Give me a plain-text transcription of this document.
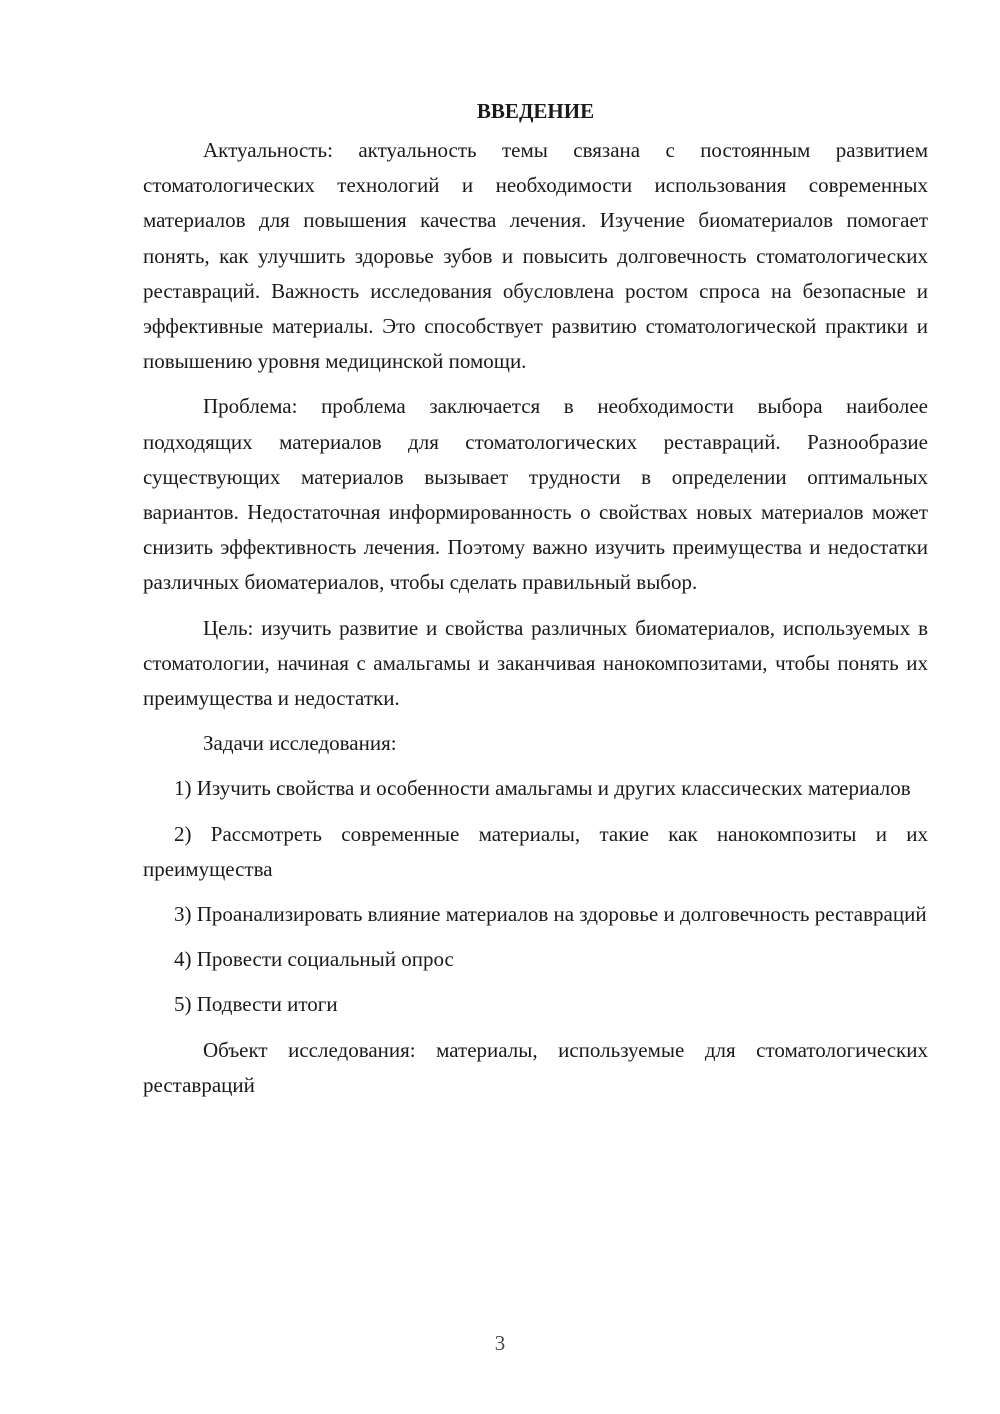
ВВЕДЕНИЕ

Актуальность: актуальность темы связана с постоянным развитием стоматологических технологий и необходимости использования современных материалов для повышения качества лечения. Изучение биоматериалов помогает понять, как улучшить здоровье зубов и повысить долговечность стоматологических реставраций. Важность исследования обусловлена ростом спроса на безопасные и эффективные материалы. Это способствует развитию стоматологической практики и повышению уровня медицинской помощи.

Проблема: проблема заключается в необходимости выбора наиболее подходящих материалов для стоматологических реставраций. Разнообразие существующих материалов вызывает трудности в определении оптимальных вариантов. Недостаточная информированность о свойствах новых материалов может снизить эффективность лечения. Поэтому важно изучить преимущества и недостатки различных биоматериалов, чтобы сделать правильный выбор.

Цель: изучить развитие и свойства различных биоматериалов, используемых в стоматологии, начиная с амальгамы и заканчивая нанокомпозитами, чтобы понять их преимущества и недостатки.

Задачи исследования:

1) Изучить свойства и особенности амальгамы и других классических материалов

2) Рассмотреть современные материалы, такие как нанокомпозиты и их преимущества

3) Проанализировать влияние материалов на здоровье и долговечность реставраций

4) Провести социальный опрос

5) Подвести итоги

Объект исследования: материалы, используемые для стоматологических реставраций

3
